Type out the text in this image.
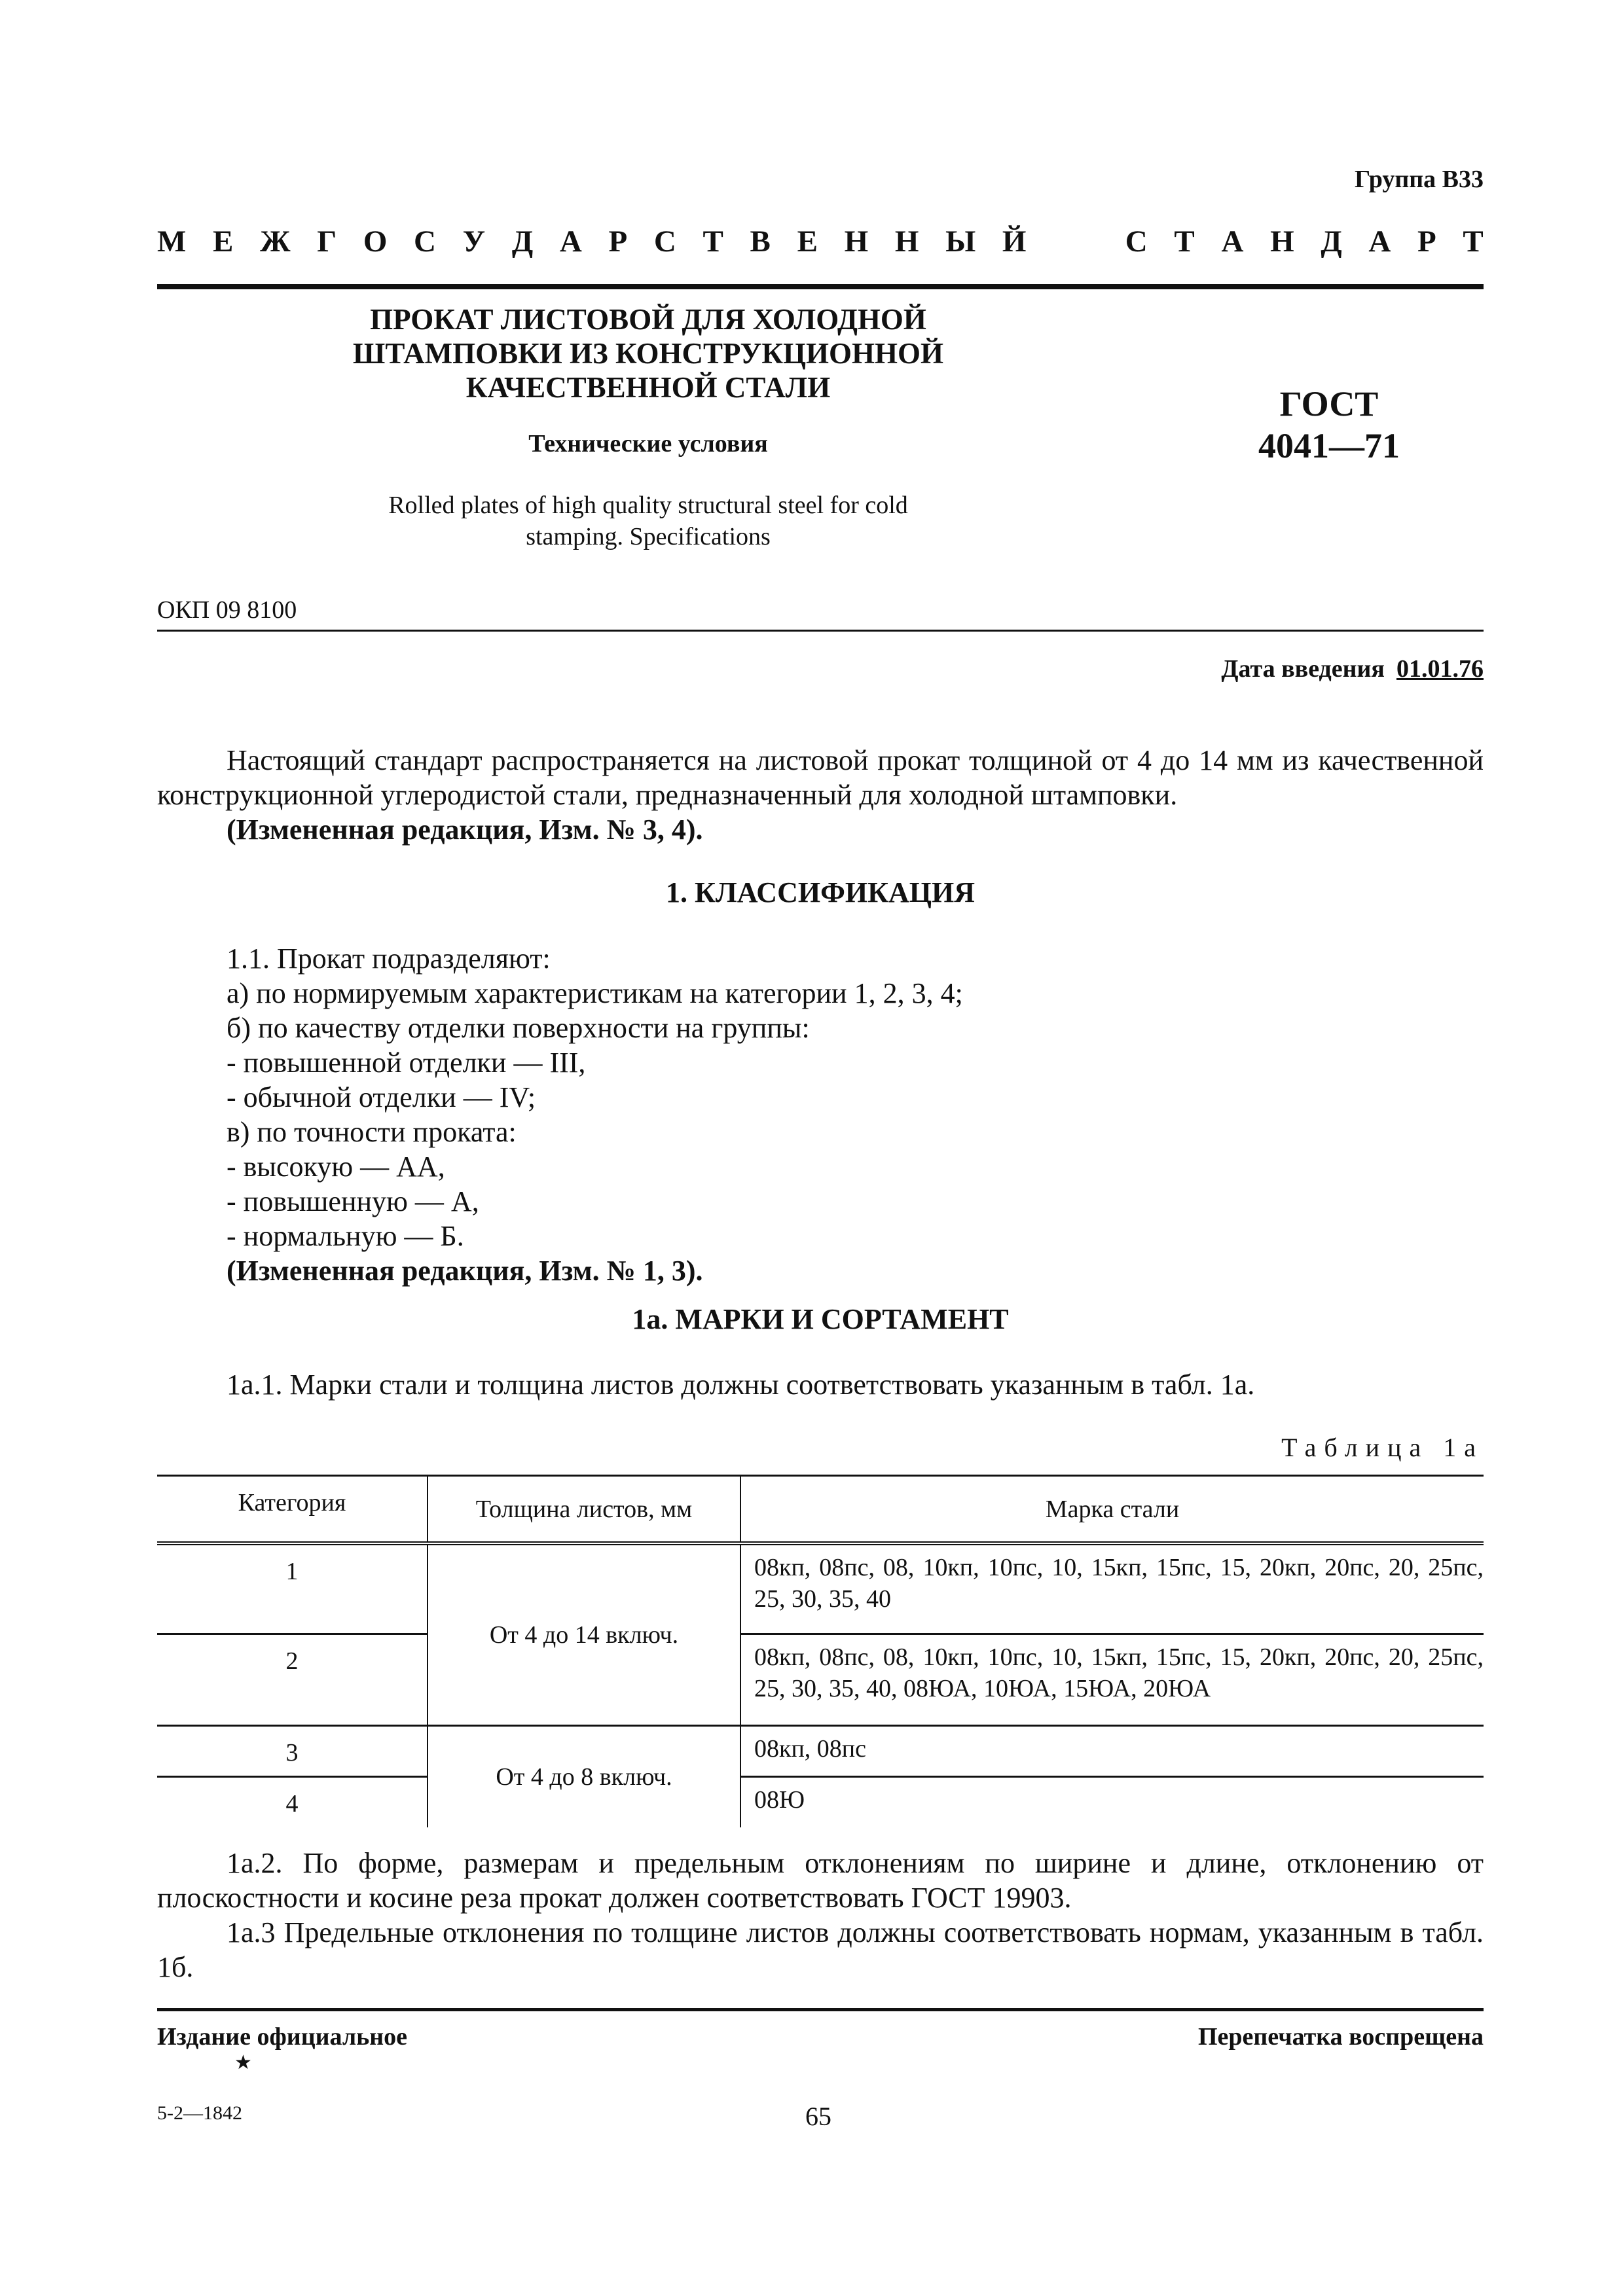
Группа В33
М Е Ж Г О С У Д А Р С Т В Е Н Н Ы Й	С Т А Н Д А Р Т
ПРОКАТ ЛИСТОВОЙ ДЛЯ ХОЛОДНОЙ
ШТАМПОВКИ ИЗ КОНСТРУКЦИОННОЙ
КАЧЕСТВЕННОЙ СТАЛИ
Технические условия
Rolled plates of high quality structural steel for cold
stamping. Specifications
ГОСТ
4041—71
ОКП 09 8100
Дата введения 01.01.76
Настоящий стандарт распространяется на листовой прокат толщиной от 4 до 14 мм из качественной конструкционной углеродистой стали, предназначенный для холодной штамповки.
(Измененная редакция, Изм. № 3, 4).
1. КЛАССИФИКАЦИЯ
1.1. Прокат подразделяют:
а) по нормируемым характеристикам на категории 1, 2, 3, 4;
б) по качеству отделки поверхности на группы:
- повышенной отделки — III,
- обычной отделки — IV;
в) по точности проката:
- высокую — АА,
- повышенную — А,
- нормальную — Б.
(Измененная редакция, Изм. № 1, 3).
1а. МАРКИ И СОРТАМЕНТ
1а.1. Марки стали и толщина листов должны соответствовать указанным в табл. 1а.
Таблица 1а
Категория	Толщина листов, мм	Марка стали
1	От 4 до 14 включ.	08кп, 08пс, 08, 10кп, 10пс, 10, 15кп, 15пс, 15, 20кп, 20пс, 20, 25пс, 25, 30, 35, 40
2		08кп, 08пс, 08, 10кп, 10пс, 10, 15кп, 15пс, 15, 20кп, 20пс, 20, 25пс, 25, 30, 35, 40, 08ЮА, 10ЮА, 15ЮА, 20ЮА
3	От 4 до 8 включ.	08кп, 08пс
4		08Ю
1а.2. По форме, размерам и предельным отклонениям по ширине и длине, отклонению от плоскостности и косине реза прокат должен соответствовать ГОСТ 19903.
1а.3 Предельные отклонения по толщине листов должны соответствовать нормам, указанным в табл. 1б.
Издание официальное
★
Перепечатка воспрещена
5-2—1842	65
